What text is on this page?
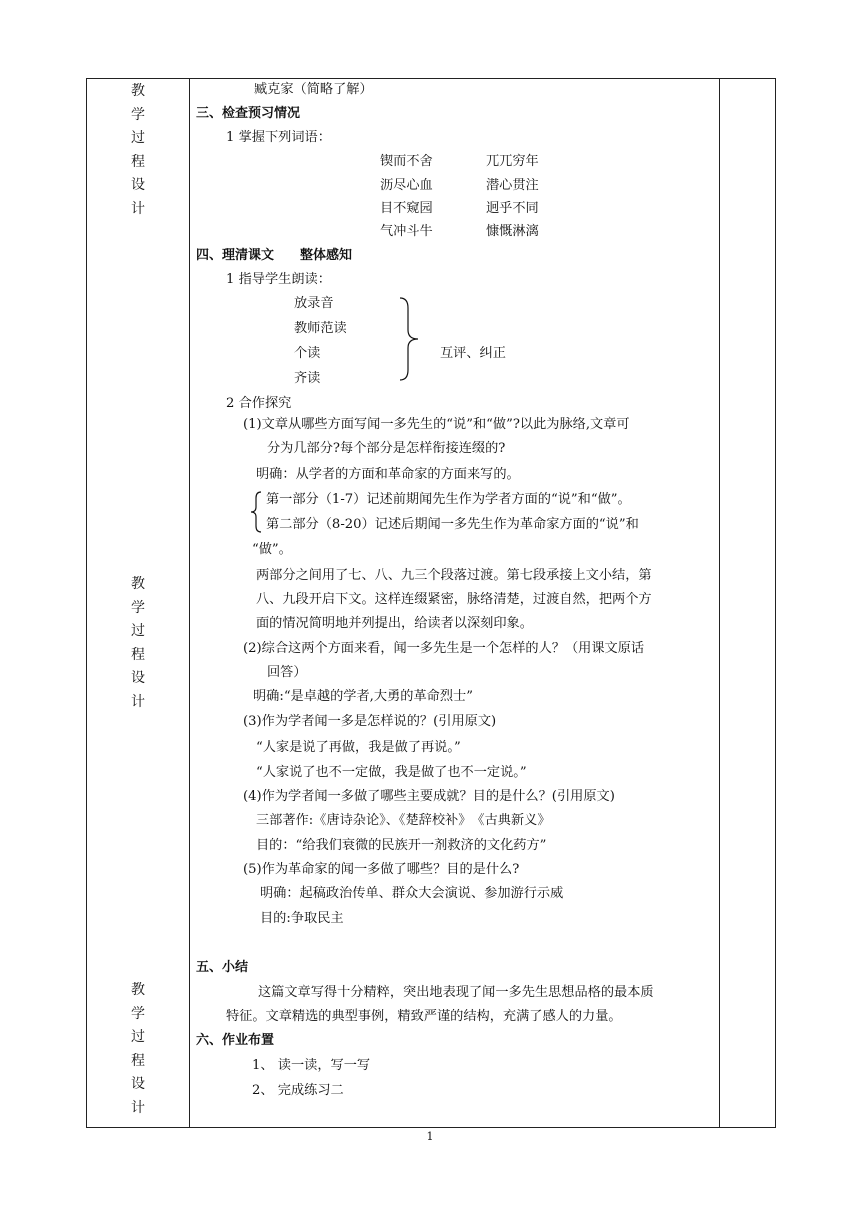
教
学
过
程
设
计
教
学
过
程
设
计
教
学
过
程
设
计
臧克家（简略了解）
三、检查预习情况
1 掌握下列词语：
锲而不舍	兀兀穷年
沥尽心血	潜心贯注
目不窥园	迥乎不同
气冲斗牛	慷慨淋漓
四、理清课文　　整体感知
1 指导学生朗读：
放录音
教师范读
个读
齐读
互评、纠正
2 合作探究
(1)文章从哪些方面写闻一多先生的“说”和“做”?以此为脉络,文章可
分为几部分?每个部分是怎样衔接连缀的?
明确：从学者的方面和革命家的方面来写的。
第一部分（1-7）记述前期闻先生作为学者方面的“说”和“做”。
第二部分（8-20）记述后期闻一多先生作为革命家方面的“说”和
“做”。
两部分之间用了七、八、九三个段落过渡。第七段承接上文小结，第
八、九段开启下文。这样连缀紧密，脉络清楚，过渡自然，把两个方
面的情况简明地并列提出，给读者以深刻印象。
(2)综合这两个方面来看，闻一多先生是一个怎样的人？（用课文原话
回答）
明确:“是卓越的学者,大勇的革命烈士”
(3)作为学者闻一多是怎样说的？(引用原文)
“人家是说了再做，我是做了再说。”
“人家说了也不一定做，我是做了也不一定说。”
(4)作为学者闻一多做了哪些主要成就？目的是什么？(引用原文)
三部著作:《唐诗杂论》、《楚辞校补》　《古典新义》
目的：“给我们衰微的民族开一剂救济的文化药方”
(5)作为革命家的闻一多做了哪些？目的是什么?
明确：起稿政治传单、群众大会演说、参加游行示威
目的:争取民主
五、小结
这篇文章写得十分精粹，突出地表现了闻一多先生思想品格的最本质
特征。文章精选的典型事例，精致严谨的结构，充满了感人的力量。
六、作业布置
1、 读一读，写一写
2、 完成练习二
1
